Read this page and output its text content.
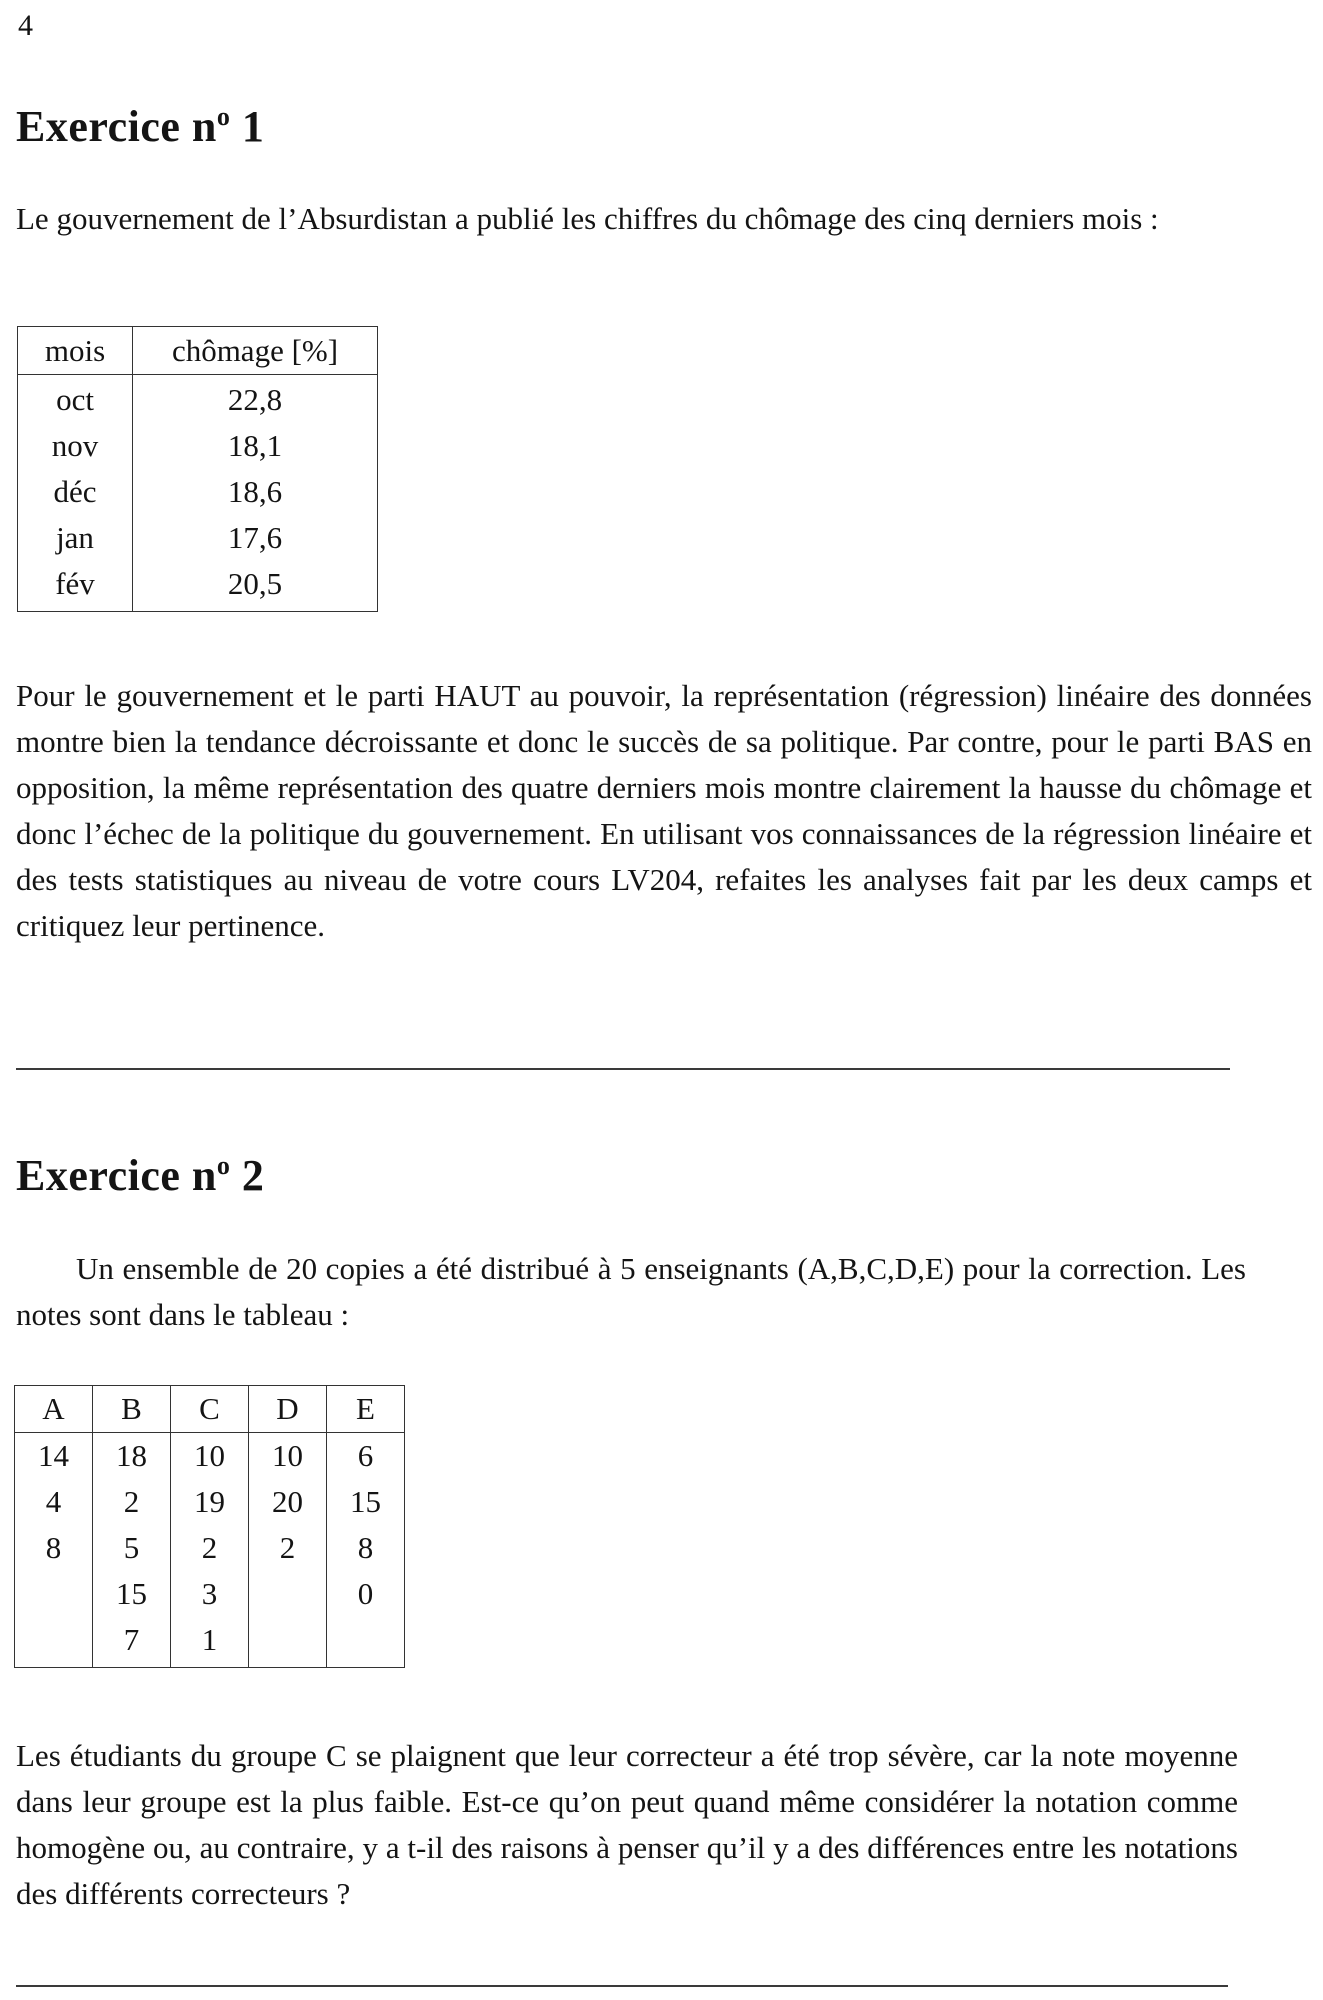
4
Exercice $n^o$ 1

Le gouvernement de l’Absurdistan a publié les chiffres du chômage des cinq derniers mois :

mois	chômage [%]
oct	22,8
nov	18,1
déc	18,6
jan	17,6
fév	20,5

Pour le gouvernement et le parti HAUT au pouvoir, la représentation (régression) linéaire des données montre bien la tendance décroissante et donc le succès de sa politique. Par contre, pour le parti BAS en opposition, la même représentation des quatre derniers mois montre clairement la hausse du chômage et donc l’échec de la politique du gouvernement. En utilisant vos connaissances de la régression linéaire et des tests statistiques au niveau de votre cours LV204, refaites les analyses fait par les deux camps et critiquez leur pertinence.

Exercice $n^o$ 2

Un ensemble de 20 copies a été distribué à 5 enseignants (A,B,C,D,E) pour la correction. Les notes sont dans le tableau :

A	B	C	D	E
14	18	10	10	6
4	2	19	20	15
8	5	2	2	8
	15	3		0
	7	1		

Les étudiants du groupe C se plaignent que leur correcteur a été trop sévère, car la note moyenne dans leur groupe est la plus faible. Est-ce qu’on peut quand même considérer la notation comme homogène ou, au contraire, y a t-il des raisons à penser qu’il y a des différences entre les notations des différents correcteurs ?
